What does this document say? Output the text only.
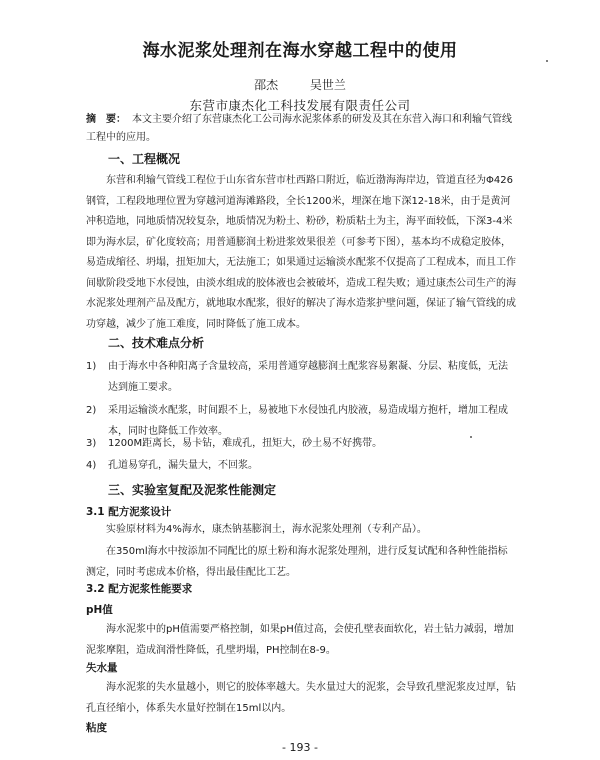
海水泥浆处理剂在海水穿越工程中的使用
邵杰	吴世兰
东营市康杰化工科技发展有限责任公司
摘　要： 本文主要介绍了东营康杰化工公司海水泥浆体系的研发及其在东营入海口和利输气管线工程中的应用。
一、工程概况
东营和利输气管线工程位于山东省东营市杜西路口附近，临近渤海海岸边，管道直径为Φ426钢管，工程段地理位置为穿越河道海滩路段，全长1200米，埋深在地下深12-18米，由于是黄河冲积造地，同地质情况较复杂，地质情况为粉土、粉砂，粉质粘土为主，海平面较低，下深3-4米即为海水层，矿化度较高；用普通膨润土粉进浆效果很差（可参考下图），基本均不成稳定胶体，易造成缩径、坍塌，扭矩加大，无法施工；如果通过运输淡水配浆不仅提高了工程成本，而且工作间歇阶段受地下水侵蚀，由淡水组成的胶体液也会被破坏，造成工程失败；通过康杰公司生产的海水泥浆处理剂产品及配方，就地取水配浆，很好的解决了海水造浆护壁问题，保证了输气管线的成功穿越，减少了施工难度，同时降低了施工成本。
二、技术难点分析
1)	由于海水中各种阳离子含量较高，采用普通穿越膨润土配浆容易絮凝、分层、粘度低，无法达到施工要求。
2)	采用运输淡水配浆，时间跟不上，易被地下水侵蚀孔内胶液，易造成塌方抱杆，增加工程成本，同时也降低工作效率。
3)	1200M距离长，易卡钻，难成孔，扭矩大，砂土易不好携带。
4)	孔道易穿孔，漏失量大，不回浆。
三、实验室复配及泥浆性能测定
3.1 配方泥浆设计
实验原材料为4%海水，康杰钠基膨润土，海水泥浆处理剂（专利产品）。
在350ml海水中按添加不同配比的原土粉和海水泥浆处理剂，进行反复试配和各种性能指标测定，同时考虑成本价格，得出最佳配比工艺。
3.2 配方泥浆性能要求
pH值
海水泥浆中的pH值需要严格控制，如果pH值过高，会使孔壁表面软化，岩土钻力减弱，增加泥浆摩阻，造成润滑性降低，孔壁坍塌，PH控制在8-9。
失水量
海水泥浆的失水量越小，则它的胶体率越大。失水量过大的泥浆，会导致孔壁泥浆皮过厚，钻孔直径缩小，体系失水量好控制在15ml以内。
粘度
- 193 -
